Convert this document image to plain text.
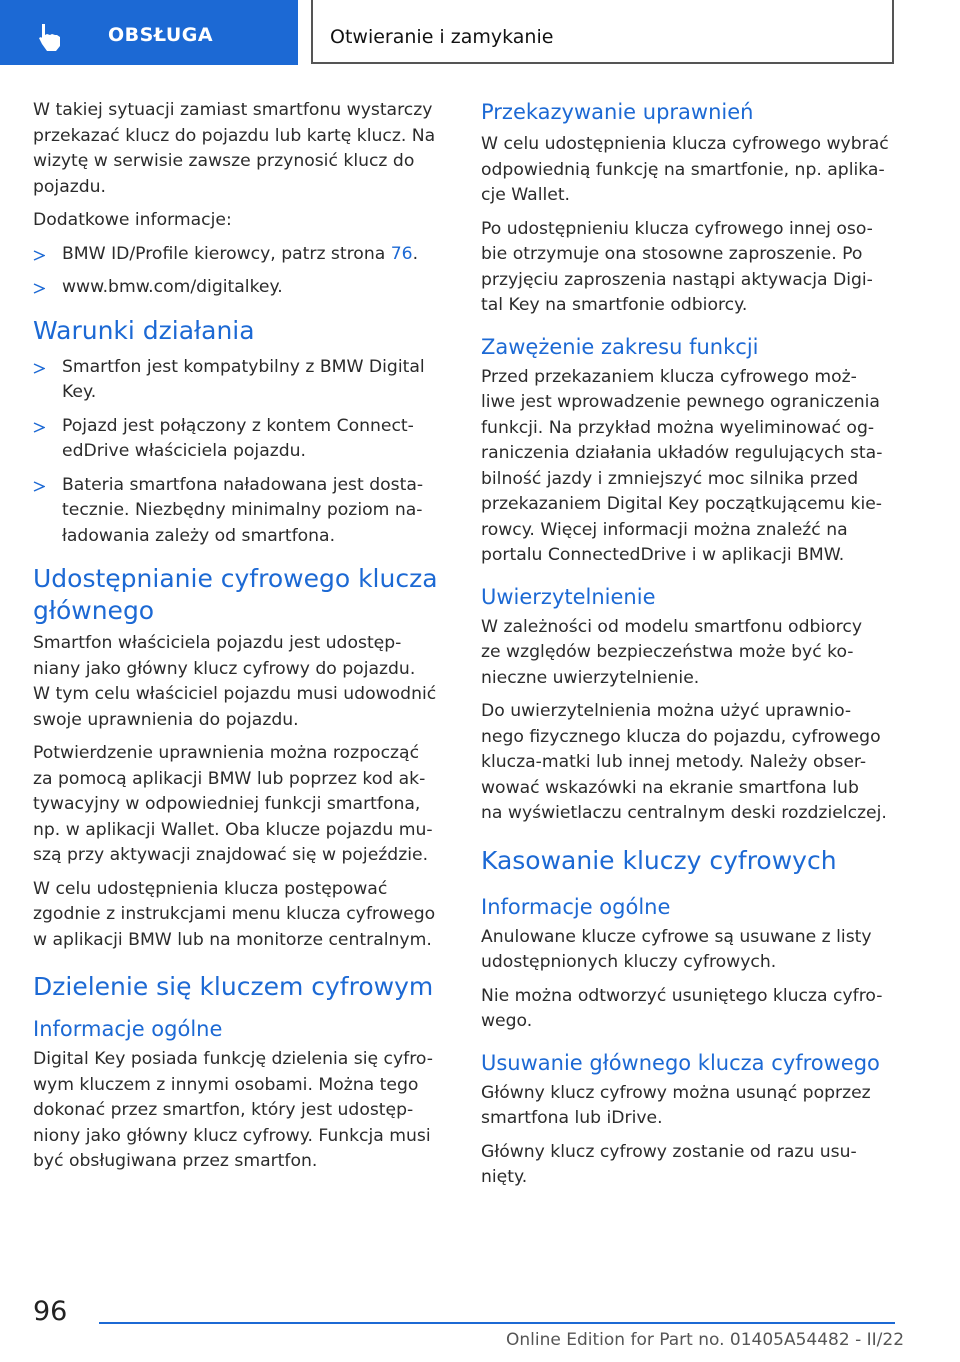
OBSŁUGA	Otwieranie i zamykanie

W takiej sytuacji zamiast smartfonu wystarczy
przekazać klucz do pojazdu lub kartę klucz. Na
wizytę w serwisie zawsze przynosić klucz do
pojazdu.

Dodatkowe informacje:

BMW ID/Profile kierowcy, patrz strona 76.
www.bmw.com/digitalkey.
Warunki działania
Smartfon jest kompatybilny z BMW Digital
Key.
Pojazd jest połączony z kontem Connect-
edDrive właściciela pojazdu.
Bateria smartfona naładowana jest dosta-
tecznie. Niezbędny minimalny poziom na-
ładowania zależy od smartfona.
Udostępnianie cyfrowego klucza
głównego

Smartfon właściciela pojazdu jest udostęp-
niany jako główny klucz cyfrowy do pojazdu.
W tym celu właściciel pojazdu musi udowodnić
swoje uprawnienia do pojazdu.

Potwierdzenie uprawnienia można rozpocząć
za pomocą aplikacji BMW lub poprzez kod ak-
tywacyjny w odpowiedniej funkcji smartfona,
np. w aplikacji Wallet. Oba klucze pojazdu mu-
szą przy aktywacji znajdować się w pojeździe.

W celu udostępnienia klucza postępować
zgodnie z instrukcjami menu klucza cyfrowego
w aplikacji BMW lub na monitorze centralnym.

Dzielenie się kluczem cyfrowym
Informacje ogólne

Digital Key posiada funkcję dzielenia się cyfro-
wym kluczem z innymi osobami. Można tego
dokonać przez smartfon, który jest udostęp-
niony jako główny klucz cyfrowy. Funkcja musi
być obsługiwana przez smartfon.

Przekazywanie uprawnień

W celu udostępnienia klucza cyfrowego wybrać
odpowiednią funkcję na smartfonie, np. aplika-
cje Wallet.

Po udostępnieniu klucza cyfrowego innej oso-
bie otrzymuje ona stosowne zaproszenie. Po
przyjęciu zaproszenia nastąpi aktywacja Digi-
tal Key na smartfonie odbiorcy.

Zawężenie zakresu funkcji

Przed przekazaniem klucza cyfrowego moż-
liwe jest wprowadzenie pewnego ograniczenia
funkcji. Na przykład można wyeliminować og-
raniczenia działania układów regulujących sta-
bilność jazdy i zmniejszyć moc silnika przed
przekazaniem Digital Key początkującemu kie-
rowcy. Więcej informacji można znaleźć na
portalu ConnectedDrive i w aplikacji BMW.

Uwierzytelnienie

W zależności od modelu smartfonu odbiorcy
ze względów bezpieczeństwa może być ko-
nieczne uwierzytelnienie.

Do uwierzytelnienia można użyć uprawnio-
nego fizycznego klucza do pojazdu, cyfrowego
klucza-matki lub innej metody. Należy obser-
wować wskazówki na ekranie smartfona lub
na wyświetlaczu centralnym deski rozdzielczej.

Kasowanie kluczy cyfrowych
Informacje ogólne

Anulowane klucze cyfrowe są usuwane z listy
udostępnionych kluczy cyfrowych.

Nie można odtworzyć usuniętego klucza cyfro-
wego.

Usuwanie głównego klucza cyfrowego

Główny klucz cyfrowy można usunąć poprzez
smartfona lub iDrive.

Główny klucz cyfrowy zostanie od razu usu-
nięty.

96
Online Edition for Part no. 01405A54482 - II/22
